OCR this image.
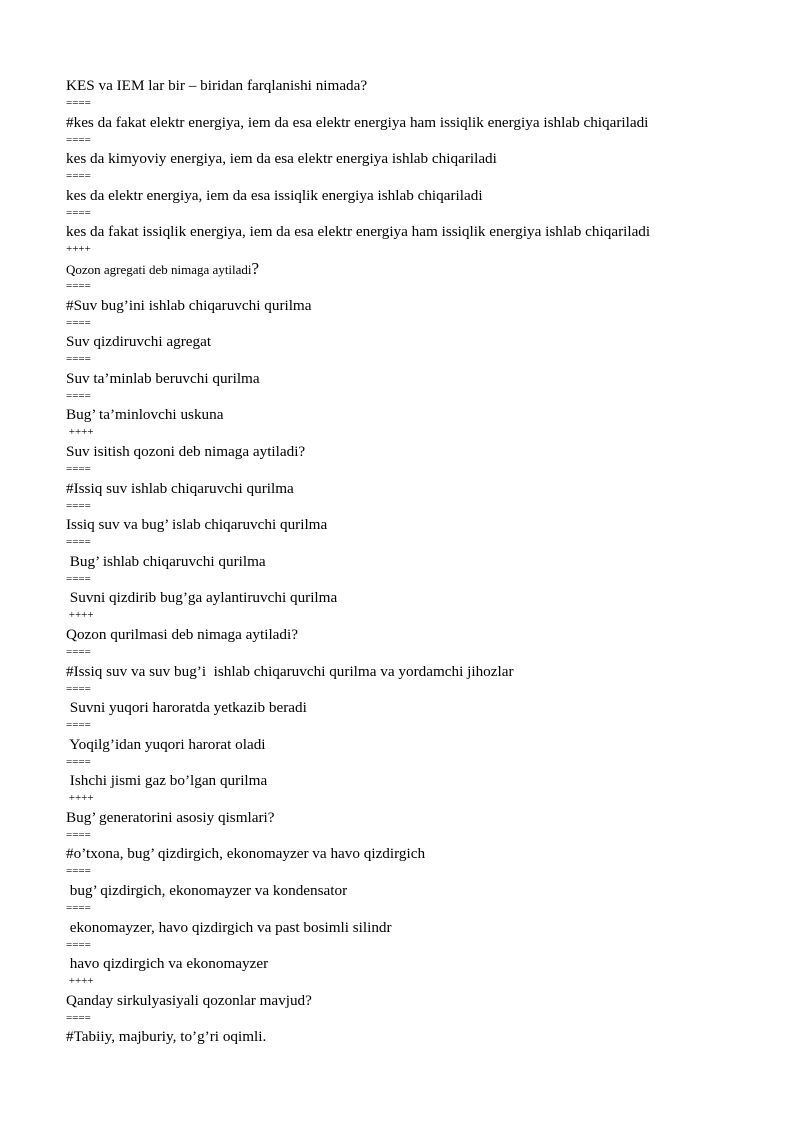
KES va IEM lar bir – biridan farqlanishi nimada?
====
#kes da fakat elektr energiya, iem da esa elektr energiya ham issiqlik energiya ishlab chiqariladi
====
kes da kimyoviy energiya, iem da esa elektr energiya ishlab chiqariladi
====
kes da elektr energiya, iem da esa issiqlik energiya ishlab chiqariladi
====
kes da fakat issiqlik energiya, iem da esa elektr energiya ham issiqlik energiya ishlab chiqariladi
++++
Qozon agregati deb nimaga aytiladi?
====
#Suv bug’ini ishlab chiqaruvchi qurilma
====
Suv qizdiruvchi agregat
====
Suv ta’minlab beruvchi qurilma
====
Bug’ ta’minlovchi uskuna
++++
Suv isitish qozoni deb nimaga aytiladi?
====
#Issiq suv ishlab chiqaruvchi qurilma
====
Issiq suv va bug’ islab chiqaruvchi qurilma
====
Bug’ ishlab chiqaruvchi qurilma
====
Suvni qizdirib bug’ga aylantiruvchi qurilma
++++
Qozon qurilmasi deb nimaga aytiladi?
====
#Issiq suv va suv bug’i  ishlab chiqaruvchi qurilma va yordamchi jihozlar
====
Suvni yuqori haroratda yetkazib beradi
====
Yoqilg’idan yuqori harorat oladi
====
Ishchi jismi gaz bo’lgan qurilma
++++
Bug’ generatorini asosiy qismlari?
====
#o’txona, bug’ qizdirgich, ekonomayzer va havo qizdirgich
====
bug’ qizdirgich, ekonomayzer va kondensator
====
ekonomayzer, havo qizdirgich va past bosimli silindr
====
havo qizdirgich va ekonomayzer
++++
Qanday sirkulyasiyali qozonlar mavjud?
====
#Tabiiy, majburiy, to’g’ri oqimli.
